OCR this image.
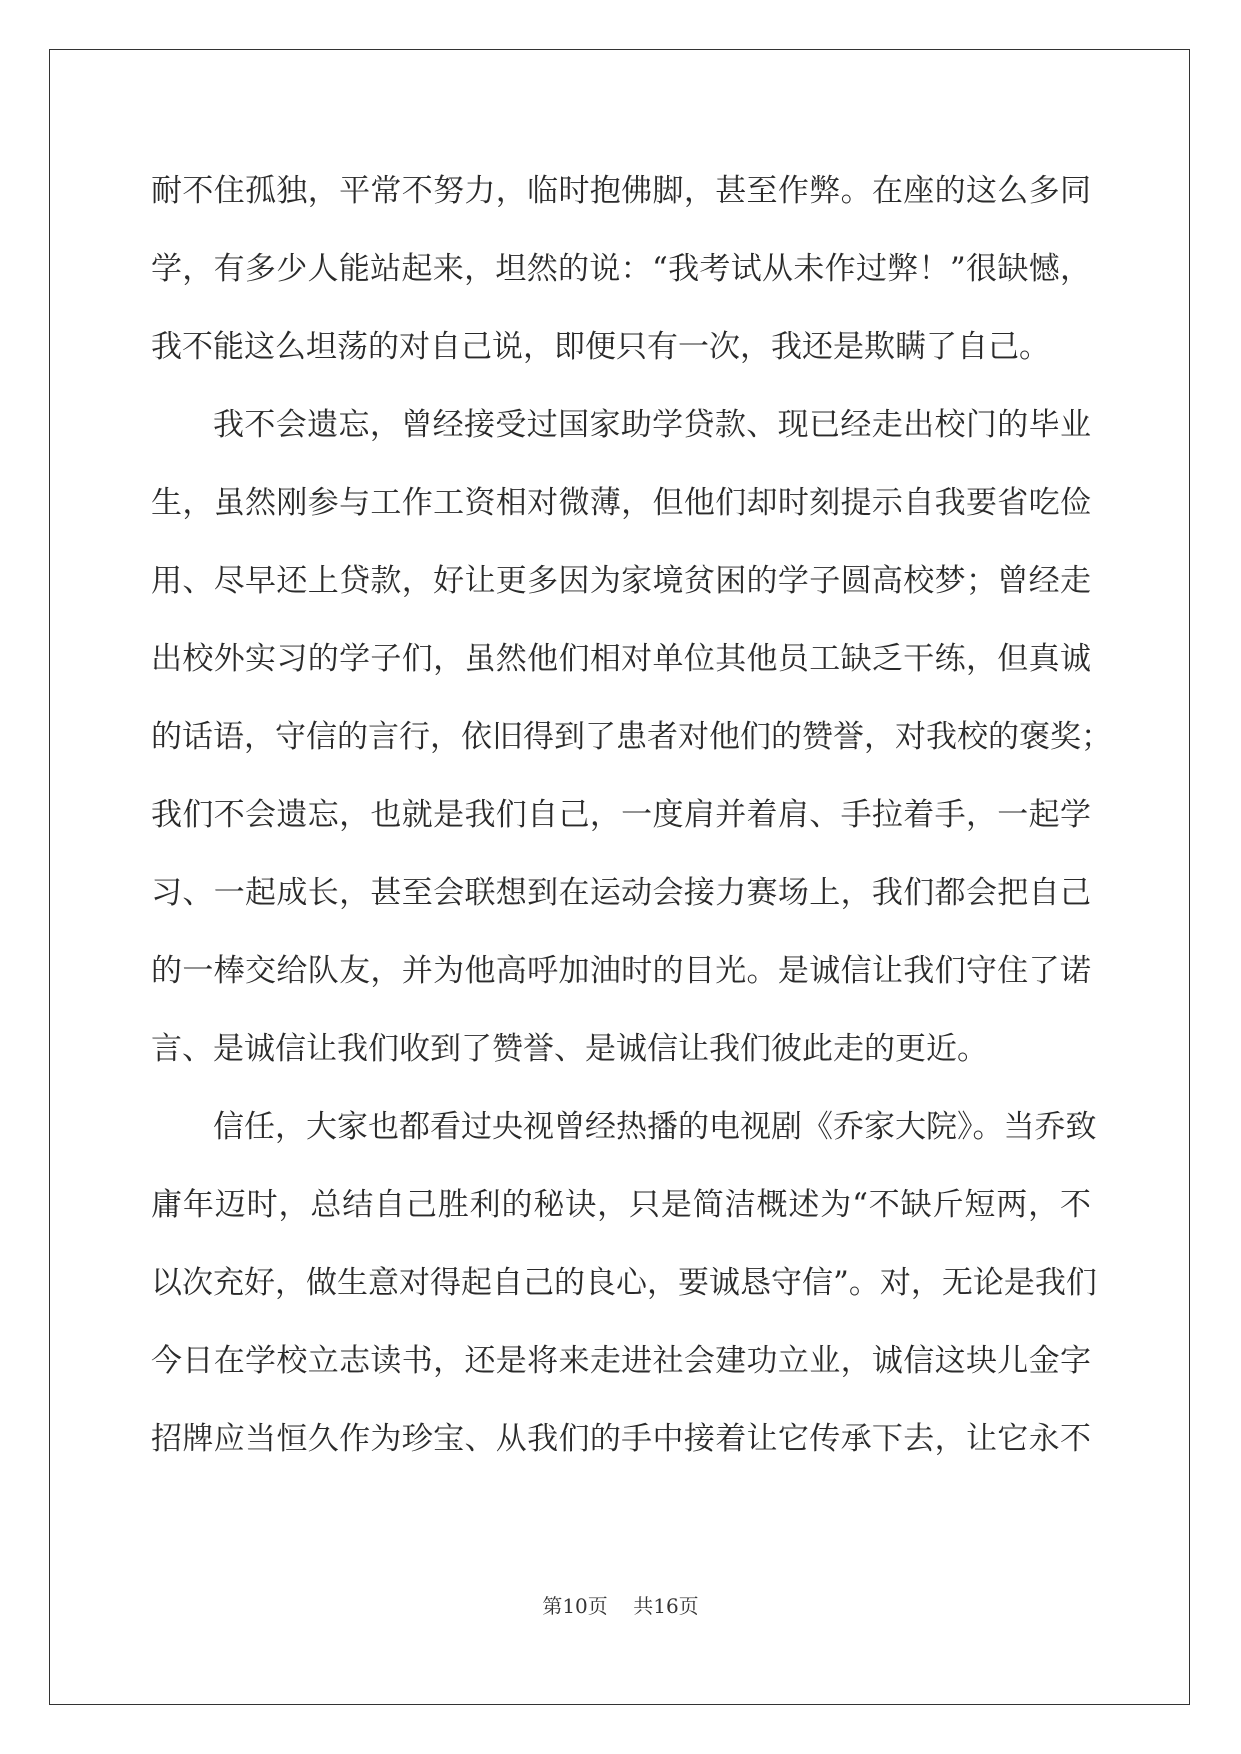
耐不住孤独，平常不努力，临时抱佛脚，甚至作弊。在座的这么多同
学，有多少人能站起来，坦然的说：“我考试从未作过弊！”很缺憾，
我不能这么坦荡的对自己说，即便只有一次，我还是欺瞒了自己。
我不会遗忘，曾经接受过国家助学贷款、现已经走出校门的毕业
生，虽然刚参与工作工资相对微薄，但他们却时刻提示自我要省吃俭
用、尽早还上贷款，好让更多因为家境贫困的学子圆高校梦；曾经走
出校外实习的学子们，虽然他们相对单位其他员工缺乏干练，但真诚
的话语，守信的言行，依旧得到了患者对他们的赞誉，对我校的褒奖；
我们不会遗忘，也就是我们自己，一度肩并着肩、手拉着手，一起学
习、一起成长，甚至会联想到在运动会接力赛场上，我们都会把自己
的一棒交给队友，并为他高呼加油时的目光。是诚信让我们守住了诺
言、是诚信让我们收到了赞誉、是诚信让我们彼此走的更近。
信任，大家也都看过央视曾经热播的电视剧《乔家大院》。当乔致
庸年迈时，总结自己胜利的秘诀，只是简洁概述为“不缺斤短两，不
以次充好，做生意对得起自己的良心，要诚恳守信”。对，无论是我们
今日在学校立志读书，还是将来走进社会建功立业，诚信这块儿金字
招牌应当恒久作为珍宝、从我们的手中接着让它传承下去，让它永不
第10页 共16页
